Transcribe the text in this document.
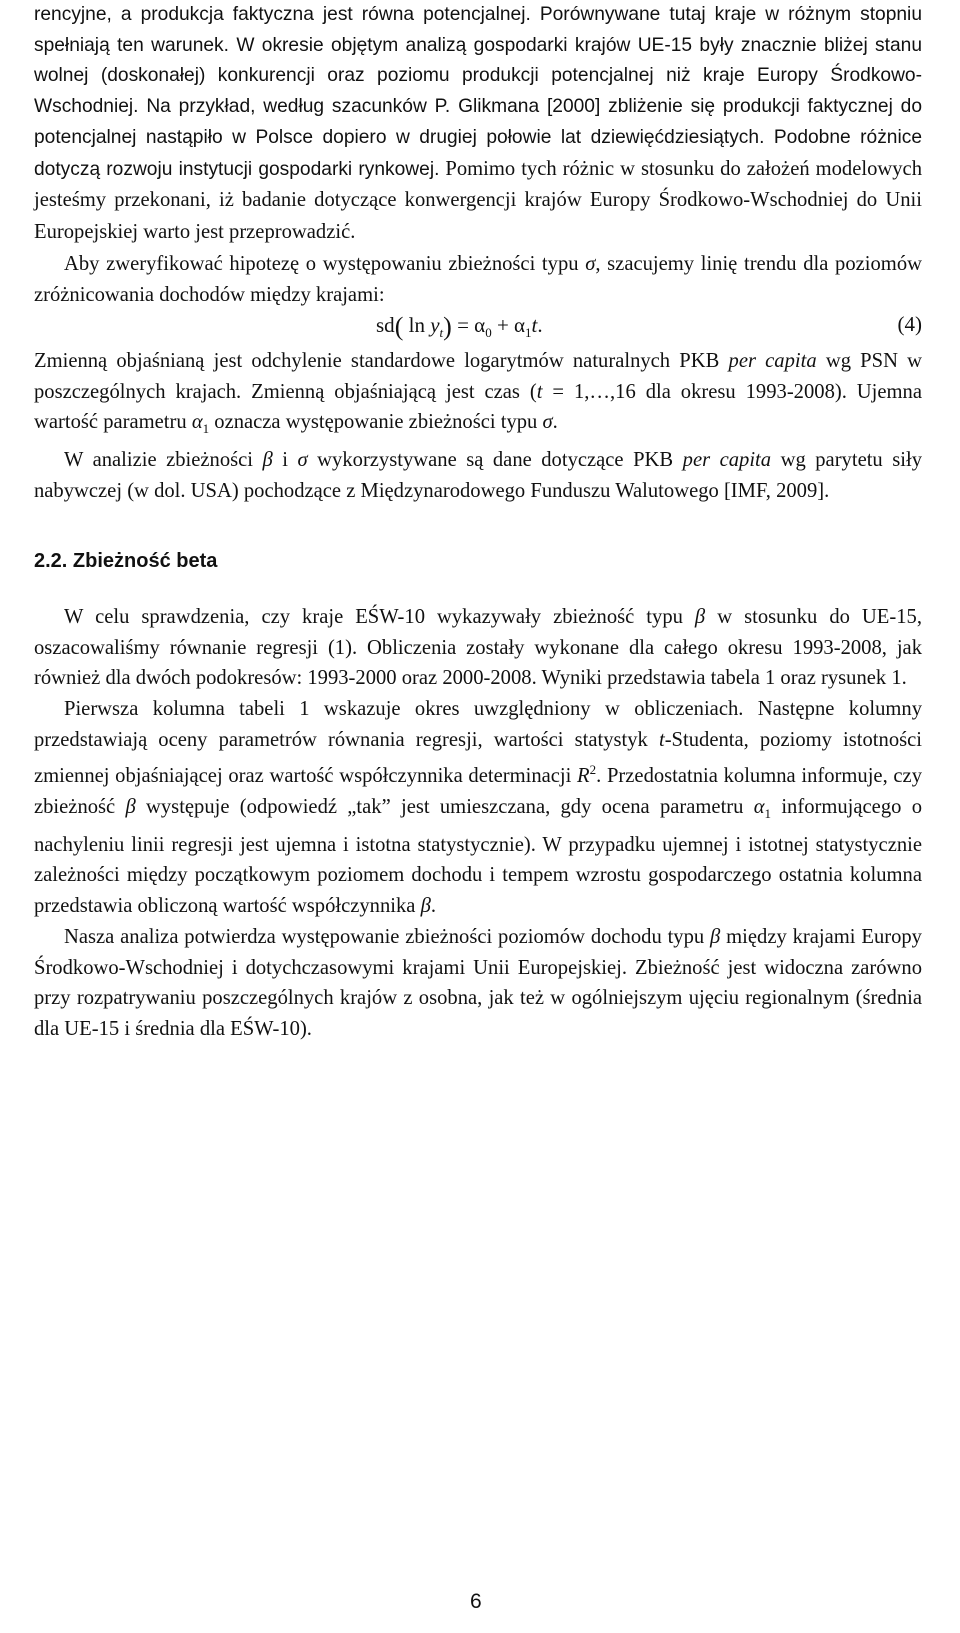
rencyjne, a produkcja faktyczna jest równa potencjalnej. Porównywane tutaj kraje w różnym stopniu spełniają ten warunek. W okresie objętym analizą gospodarki krajów UE-15 były znacznie bliżej stanu wolnej (doskonałej) konkurencji oraz poziomu produkcji potencjalnej niż kraje Europy Środkowo-Wschodniej. Na przykład, według szacunków P. Glikmana [2000] zbliżenie się produkcji faktycznej do potencjalnej nastąpiło w Polsce dopiero w drugiej połowie lat dziewięćdziesiątych. Podobne różnice dotyczą rozwoju instytucji gospodarki rynkowej. Pomimo tych różnic w stosunku do założeń modelowych jesteśmy przekonani, iż badanie dotyczące konwergencji krajów Europy Środkowo-Wschodniej do Unii Europejskiej warto jest przeprowadzić.

Aby zweryfikować hipotezę o występowaniu zbieżności typu σ, szacujemy linię trendu dla poziomów zróżnicowania dochodów między krajami:

sd( $\ln y_t) = \alpha_0 + \alpha_1t$.	(4)

Zmienną objaśnianą jest odchylenie standardowe logarytmów naturalnych PKB per capita wg PSN w poszczególnych krajach. Zmienną objaśniającą jest czas (t = 1,…,16 dla okresu 1993-2008). Ujemna wartość parametru $\alpha_1$ oznacza występowanie zbieżności typu σ.

W analizie zbieżności β i σ wykorzystywane są dane dotyczące PKB per capita wg parytetu siły nabywczej (w dol. USA) pochodzące z Międzynarodowego Funduszu Walutowego [IMF, 2009].

2.2. Zbieżność beta

W celu sprawdzenia, czy kraje EŚW-10 wykazywały zbieżność typu β w stosunku do UE-15, oszacowaliśmy równanie regresji (1). Obliczenia zostały wykonane dla całego okresu 1993-2008, jak również dla dwóch podokresów: 1993-2000 oraz 2000-2008. Wyniki przedstawia tabela 1 oraz rysunek 1.

Pierwsza kolumna tabeli 1 wskazuje okres uwzględniony w obliczeniach. Następne kolumny przedstawiają oceny parametrów równania regresji, wartości statystyk t-Studenta, poziomy istotności zmiennej objaśniającej oraz wartość współczynnika determinacji $R^2$. Przedostatnia kolumna informuje, czy zbieżność β występuje (odpowiedź „tak” jest umieszczana, gdy ocena parametru $\alpha_1$ informującego o nachyleniu linii regresji jest ujemna i istotna statystycznie). W przypadku ujemnej i istotnej statystycznie zależności między początkowym poziomem dochodu i tempem wzrostu gospodarczego ostatnia kolumna przedstawia obliczoną wartość współczynnika β.

Nasza analiza potwierdza występowanie zbieżności poziomów dochodu typu β między krajami Europy Środkowo-Wschodniej i dotychczasowymi krajami Unii Europejskiej. Zbieżność jest widoczna zarówno przy rozpatrywaniu poszczególnych krajów z osobna, jak też w ogólniejszym ujęciu regionalnym (średnia dla UE-15 i średnia dla EŚW-10).

6
